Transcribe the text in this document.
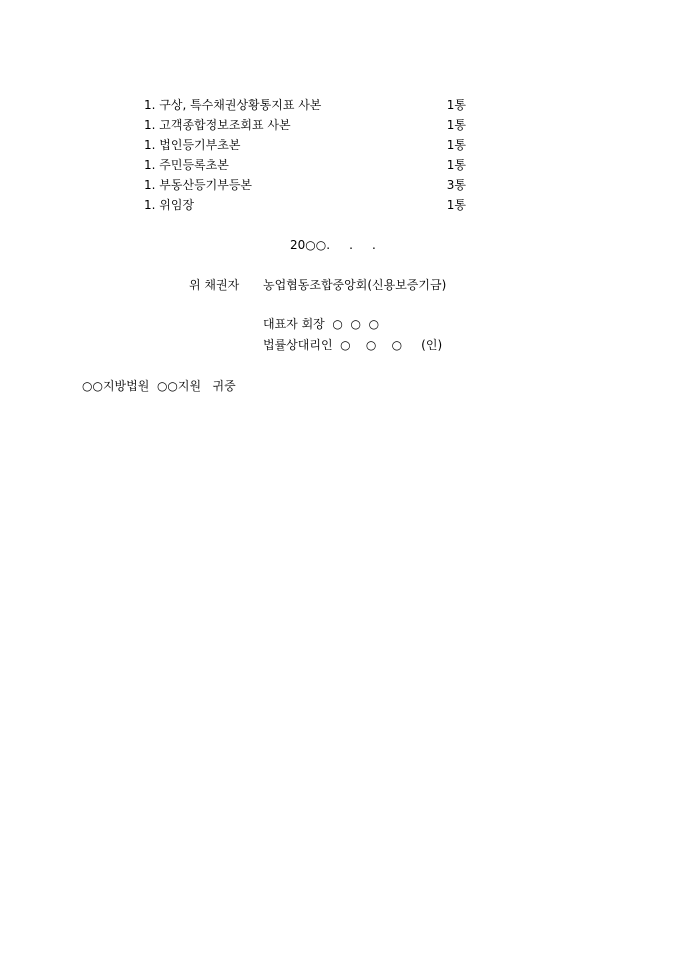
1. 구상, 특수채권상황통지표 사본	1통
1. 고객종합정보조회표 사본	1통
1. 법인등기부초본	1통
1. 주민등록초본	1통
1. 부동산등기부등본	3통
1. 위임장	1통
20○○.     .     .
위 채권자 농업협동조합중앙회(신용보증기금)
대표자 회장  ○  ○  ○
법률상대리인  ○    ○    ○     (인)
○○지방법원  ○○지원   귀중
